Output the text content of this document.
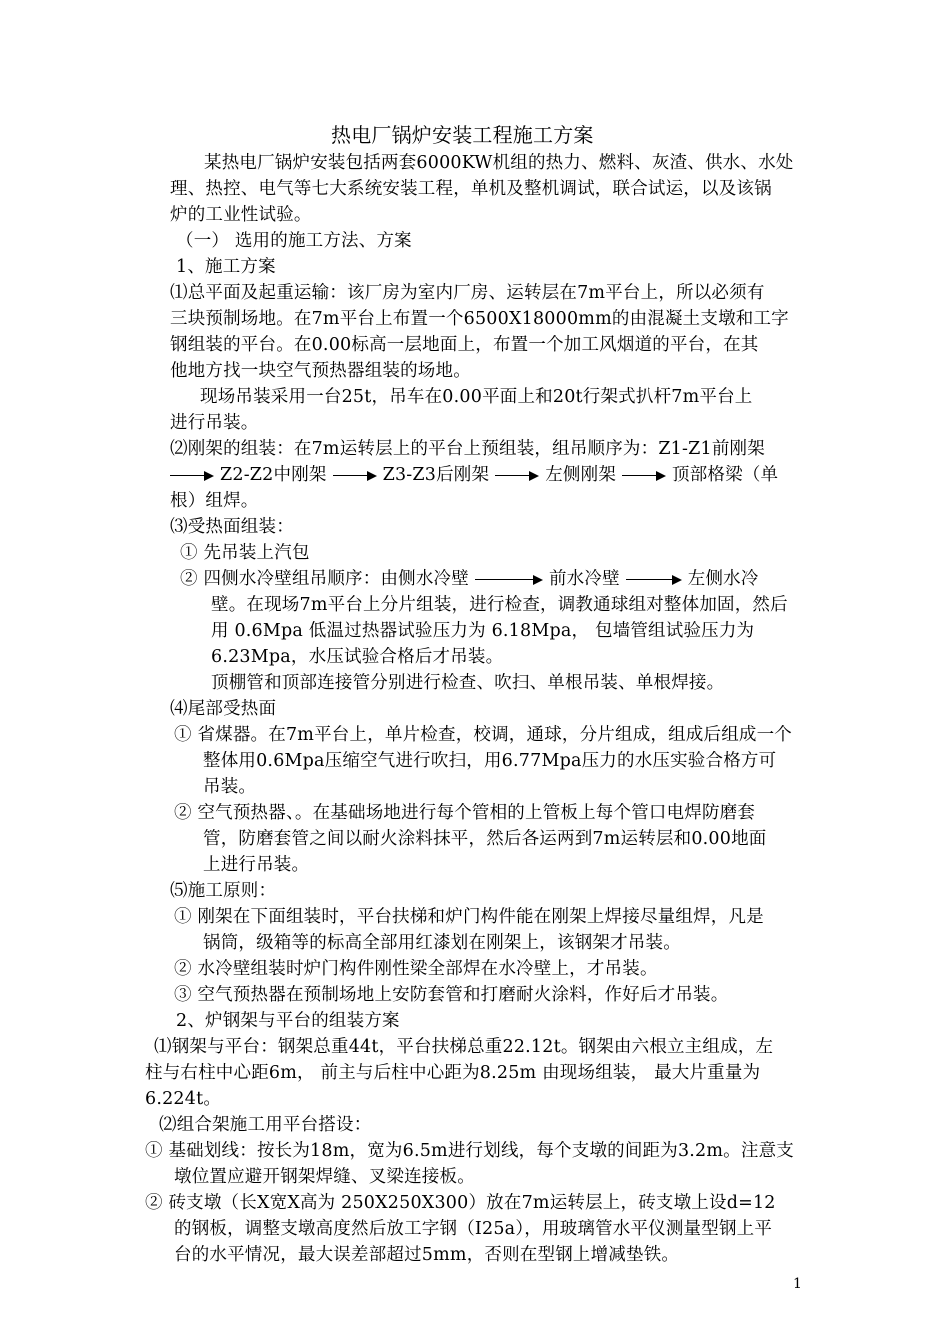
热电厂锅炉安装工程施工方案
某热电厂锅炉安装包括两套6000KW机组的热力、燃料、灰渣、供水、水处
理、热控、电气等七大系统安装工程，单机及整机调试，联合试运，以及该锅
炉的工业性试验。
（一） 选用的施工方法、方案
1、施工方案
⑴总平面及起重运输：该厂房为室内厂房、运转层在7m平台上，所以必须有
三块预制场地。在7m平台上布置一个6500X18000mm的由混凝土支墩和工字
钢组装的平台。在0.00标高一层地面上，布置一个加工风烟道的平台，在其
他地方找一块空气预热器组装的场地。
现场吊装采用一台25t，吊车在0.00平面上和20t行架式扒杆7m平台上
进行吊装。
⑵刚架的组装：在7m运转层上的平台上预组装，组吊顺序为：Z1-Z1前刚架
Z2-Z2中刚架	Z3-Z3后刚架	左侧刚架	顶部格梁（单
根）组焊。
⑶受热面组装：
① 先吊装上汽包
② 四侧水冷壁组吊顺序：由侧水冷壁	前水冷壁	左侧水冷
壁。在现场7m平台上分片组装，进行检查，调教通球组对整体加固，然后
用 0.6Mpa 低温过热器试验压力为 6.18Mpa， 包墙管组试验压力为
6.23Mpa，水压试验合格后才吊装。
顶棚管和顶部连接管分别进行检查、吹扫、单根吊装、单根焊接。
⑷尾部受热面
① 省煤器。在7m平台上，单片检查，校调，通球，分片组成，组成后组成一个
整体用0.6Mpa压缩空气进行吹扫，用6.77Mpa压力的水压实验合格方可
吊装。
② 空气预热器、。在基础场地进行每个管相的上管板上每个管口电焊防磨套
管，防磨套管之间以耐火涂料抹平，然后各运两到7m运转层和0.00地面
上进行吊装。
⑸施工原则：
① 刚架在下面组装时，平台扶梯和炉门构件能在刚架上焊接尽量组焊，凡是
锅筒，级箱等的标高全部用红漆划在刚架上，该钢架才吊装。
② 水冷壁组装时炉门构件刚性梁全部焊在水冷壁上，才吊装。
③ 空气预热器在预制场地上安防套管和打磨耐火涂料，作好后才吊装。
2、炉钢架与平台的组装方案
⑴钢架与平台：钢架总重44t，平台扶梯总重22.12t。钢架由六根立主组成，左
柱与右柱中心距6m， 前主与后柱中心距为8.25m 由现场组装， 最大片重量为
6.224t。
⑵组合架施工用平台搭设：
① 基础划线：按长为18m，宽为6.5m进行划线，每个支墩的间距为3.2m。注意支
墩位置应避开钢架焊缝、叉梁连接板。
② 砖支墩（长X宽X高为 250X250X300）放在7m运转层上，砖支墩上设d=12
的钢板，调整支墩高度然后放工字钢（I25a），用玻璃管水平仪测量型钢上平
台的水平情况，最大误差部超过5mm，否则在型钢上增减垫铁。
1
